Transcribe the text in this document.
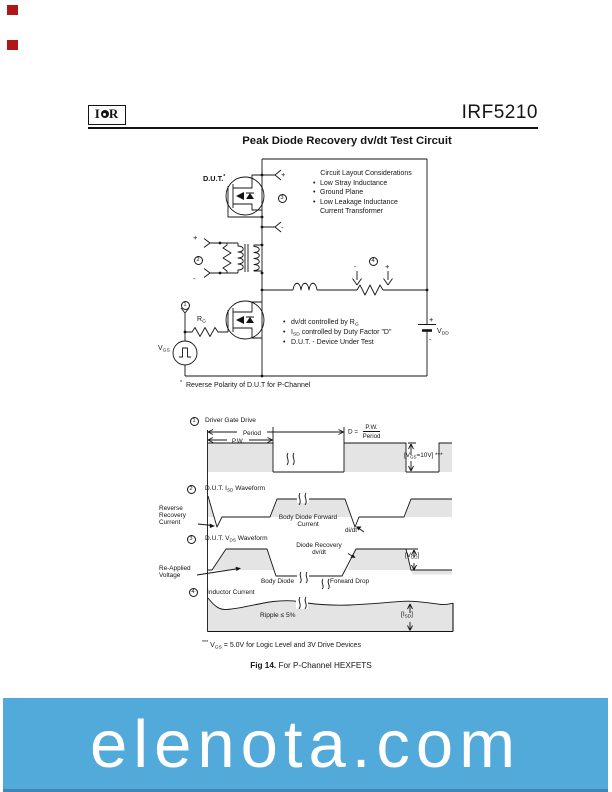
I R	IRF5210
Peak Diode Recovery dv/dt Test Circuit
+
-
+
-
-	+
+
-
D.U.T.*	Circuit Layout Considerations
• Low Stray Inductance
• Ground Plane
• Low Leakage Inductance Current Transformer
• dv/dt controlled by $R_G$
• $I_{SD}$ controlled by Duty Factor "D"
• D.U.T. - Device Under Test
$V_{GS}$
$R_G$
$V_{DD}$
1
2
3
4
* Reverse Polarity of D.U.T for P-Channel
Period
P.W.
1	Driver Gate Drive
$D = \frac{P.W.}{\text{Period}}$
$[V_{GS}=10V]$ ***
2	D.U.T. $I_{SD}$ Waveform
Reverse
Recovery
Current
Body Diode Forward
Current
di/dt
3	D.U.T. $V_{DS}$ Waveform
Re-Applied
Voltage
Diode Recovery
dv/dt
Body Diode	Forward Drop
$[V_{DD}]$
4	Inductor Current
Ripple ≤ 5%	$[I_{SD}]$
*** $V_{GS} = 5.0V$ for Logic Level and 3V Drive Devices
Fig 14. For P-Channel HEXFETS
elenota.com
